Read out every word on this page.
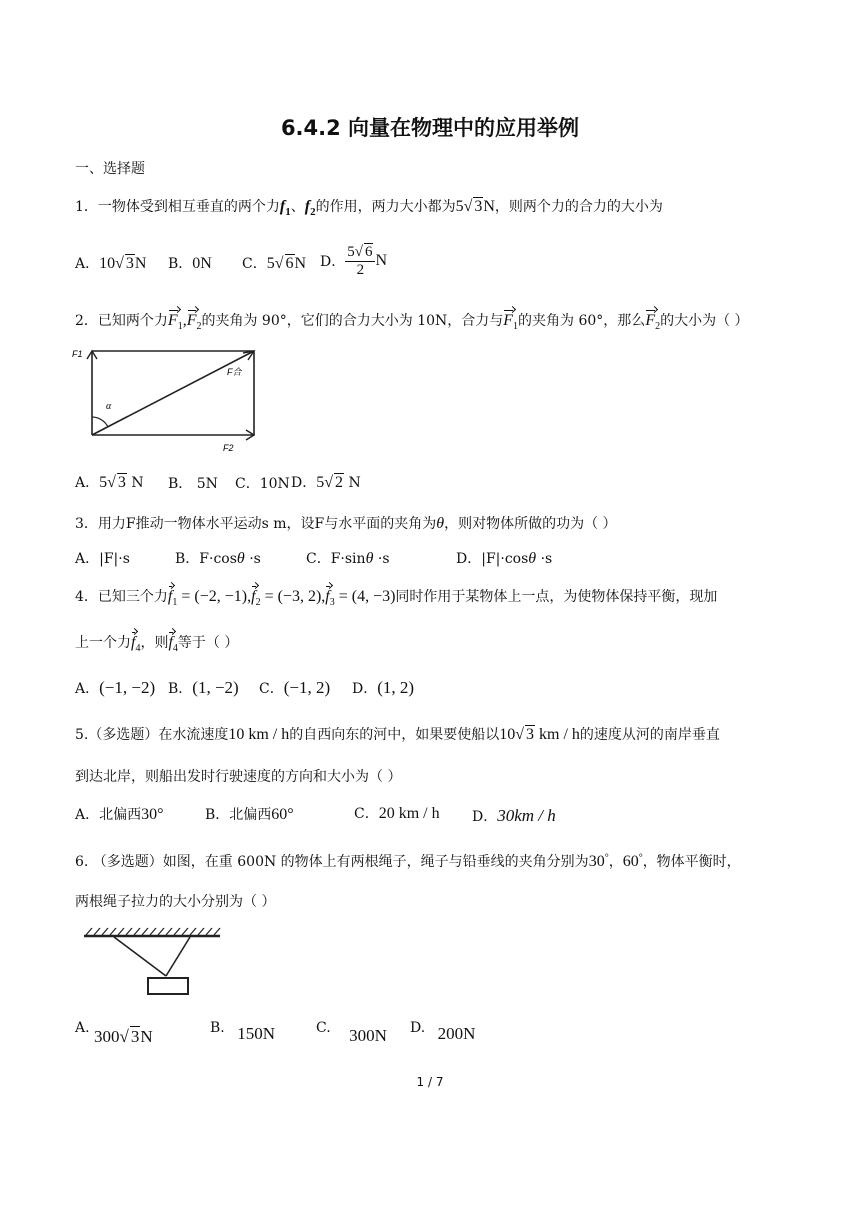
6.4.2 向量在物理中的应用举例
一、选择题
1．一物体受到相互垂直的两个力$f_1$、$f_2$的作用，两力大小都为5√ 3N，则两个力的合力的大小为
A．10√ 3N B．0N C．5√ 6N D． $\frac{5√ 6}{2}$ N
2．已知两个力$F_1,F_2$的夹角为 90°，它们的合力大小为 10N，合力与$F_1$的夹角为 60°，那么$F_2$的大小为（ ）
F1
F2
F合
α
A．5√ 3 N B． 5N C．10N D．5√ 2 N
3．用力F推动一物体水平运动s m，设F与水平面的夹角为θ，则对物体所做的功为（ ）
A．|F|·s	B．F·cosθ ·s	C．F·sinθ ·s	D．|F|·cosθ ·s
4．已知三个力$f_1 = (-2$, $-1),f_2 = (-3$, $2),f_3 = (4$, −3)同时作用于某物体上一点，为使物体保持平衡，现加
上一个力$f_4$，则$f_4$等于（ ）
A．(−1, −2) B．(1, −2) C．(−1, 2) D．(1, 2)
5.（多选题）在水流速度10 km / h的自西向东的河中，如果要使船以10√ 3 km / h的速度从河的南岸垂直
到达北岸，则船出发时行驶速度的方向和大小为（ ）
A．北偏西30°	B．北偏西60°	C．20 km / h D．30km / h
6. （多选题）如图，在重 600N 的物体上有两根绳子，绳子与铅垂线的夹角分别为30°，60°，物体平衡时，
两根绳子拉力的大小分别为（ ）
A. 300√ 3N	B. 150N	C. 300N D. 200N
1 / 7
